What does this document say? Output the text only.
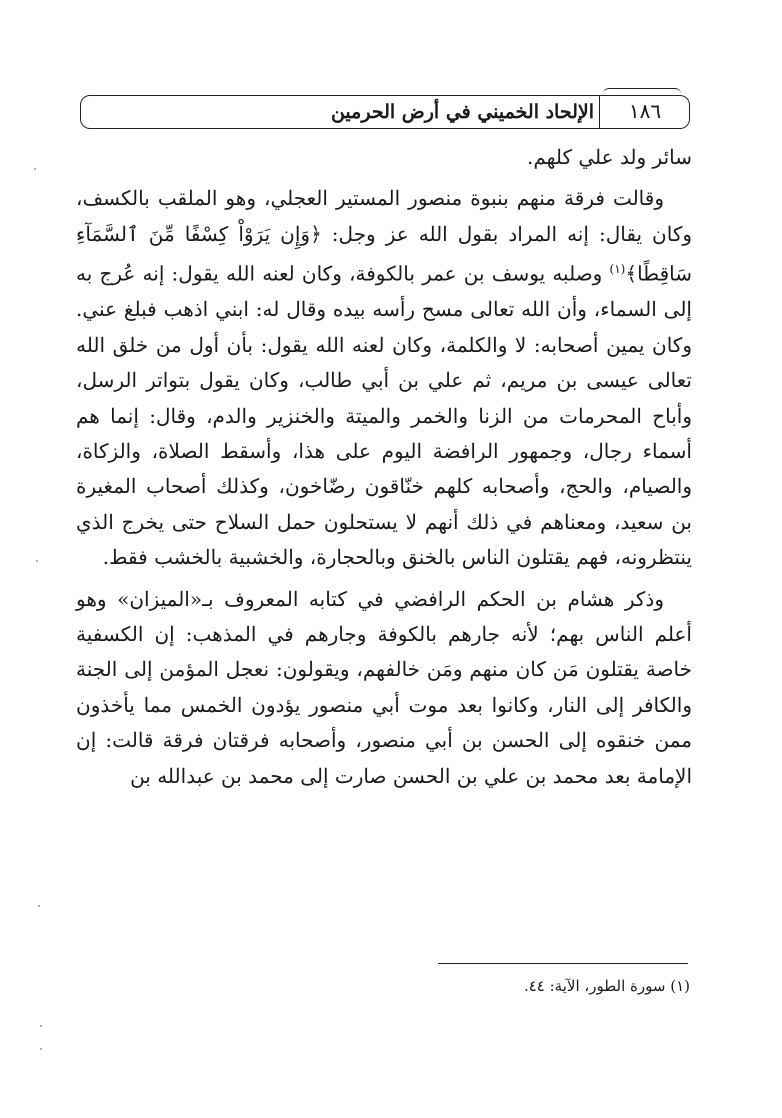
الإلحاد الخميني في أرض الحرمين	١٨٦

سائر ولد علي كلهم.

وقالت فرقة منهم بنبوة منصور المستير العجلي، وهو الملقب بالكسف، وكان يقال: إنه المراد بقول الله عز وجل: ﴿وَإِن يَرَوْاْ كِسْفًا مِّنَ ٱلسَّمَآءِ سَاقِطًا﴾$^{(١)}$ وصلبه يوسف بن عمر بالكوفة، وكان لعنه الله يقول: إنه عُرج به إلى السماء، وأن الله تعالى مسح رأسه بيده وقال له: ابني اذهب فبلغ عني. وكان يمين أصحابه: لا والكلمة، وكان لعنه الله يقول: بأن أول من خلق الله تعالى عيسى بن مريم، ثم علي بن أبي طالب، وكان يقول بتواتر الرسل، وأباح المحرمات من الزنا والخمر والميتة والخنزير والدم، وقال: إنما هم أسماء رجال، وجمهور الرافضة اليوم على هذا، وأسقط الصلاة، والزكاة، والصيام، والحج، وأصحابه كلهم خنّاقون رضّاخون، وكذلك أصحاب المغيرة بن سعيد، ومعناهم في ذلك أنهم لا يستحلون حمل السلاح حتى يخرج الذي ينتظرونه، فهم يقتلون الناس بالخنق وبالحجارة، والخشبية بالخشب فقط.

وذكر هشام بن الحكم الرافضي في كتابه المعروف بـ«الميزان» وهو أعلم الناس بهم؛ لأنه جارهم بالكوفة وجارهم في المذهب: إن الكسفية خاصة يقتلون مَن كان منهم ومَن خالفهم، ويقولون: نعجل المؤمن إلى الجنة والكافر إلى النار، وكانوا بعد موت أبي منصور يؤدون الخمس مما يأخذون ممن خنقوه إلى الحسن بن أبي منصور، وأصحابه فرقتان فرقة قالت: إن الإمامة بعد محمد بن علي بن الحسن صارت إلى محمد بن عبدالله بن

(١) سورة الطور، الآية: ٤٤.
